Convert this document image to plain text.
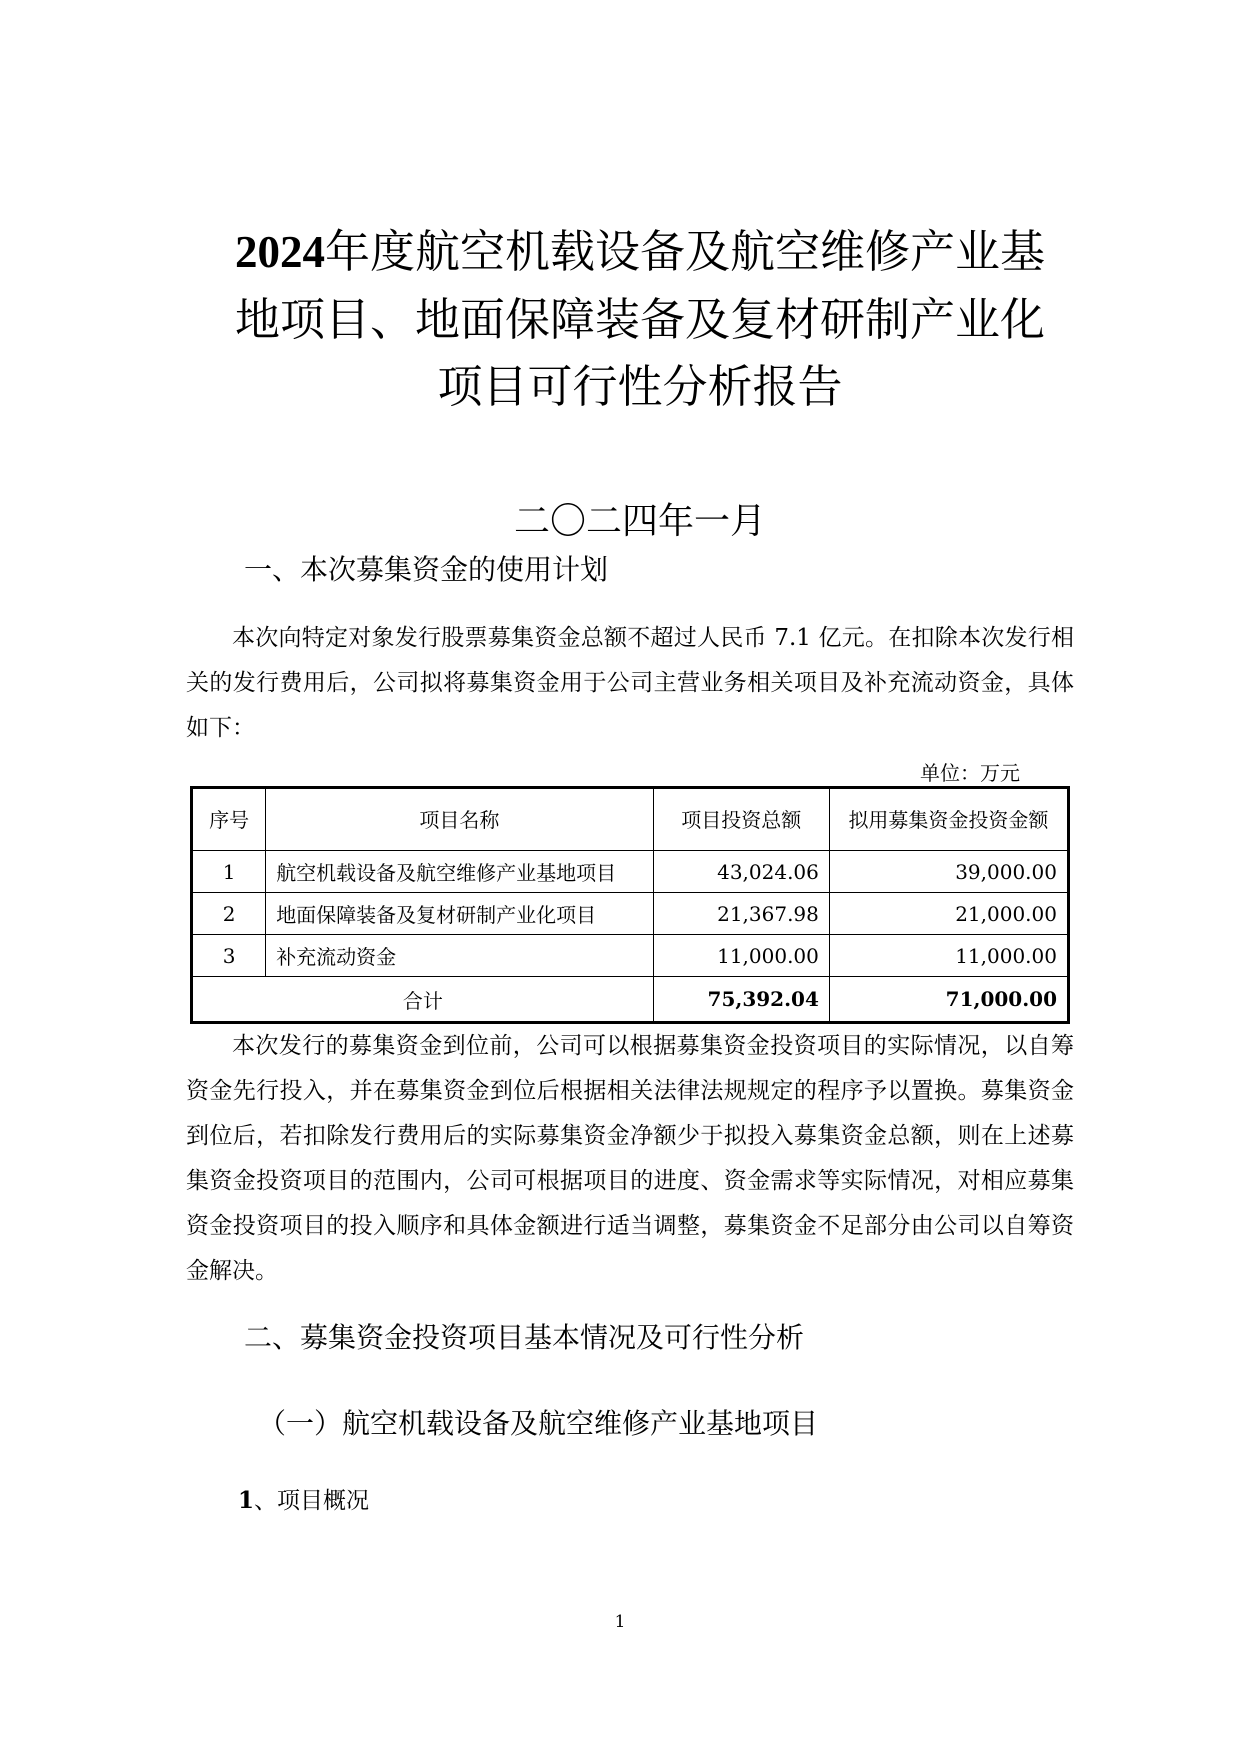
2024年度航空机载设备及航空维修产业基
地项目、地面保障装备及复材研制产业化
项目可行性分析报告
二〇二四年一月
一、本次募集资金的使用计划

本次向特定对象发行股票募集资金总额不超过人民币 7.1 亿元。在扣除本次发行相关的发行费用后，公司拟将募集资金用于公司主营业务相关项目及补充流动资金，具体如下：

单位：万元
序号	项目名称	项目投资总额	拟用募集资金投资金额
1	航空机载设备及航空维修产业基地项目	43,024.06	39,000.00
2	地面保障装备及复材研制产业化项目	21,367.98	21,000.00
3	补充流动资金	11,000.00	11,000.00
合计		75,392.04	71,000.00

本次发行的募集资金到位前，公司可以根据募集资金投资项目的实际情况，以自筹资金先行投入，并在募集资金到位后根据相关法律法规规定的程序予以置换。募集资金到位后，若扣除发行费用后的实际募集资金净额少于拟投入募集资金总额，则在上述募集资金投资项目的范围内，公司可根据项目的进度、资金需求等实际情况，对相应募集资金投资项目的投入顺序和具体金额进行适当调整，募集资金不足部分由公司以自筹资金解决。

二、募集资金投资项目基本情况及可行性分析
（一）航空机载设备及航空维修产业基地项目
1、项目概况
1
